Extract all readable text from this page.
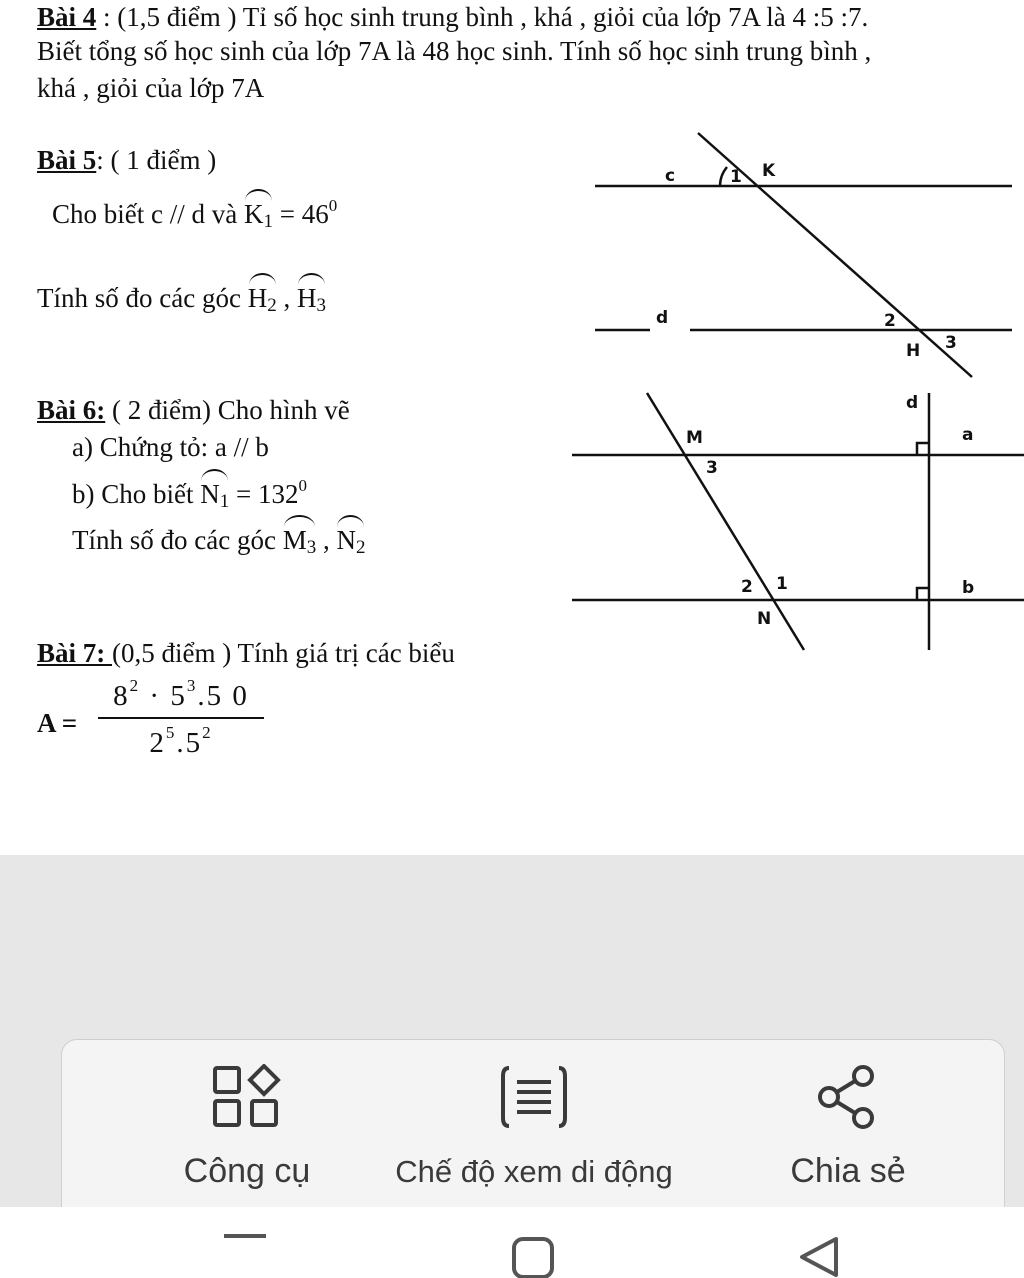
Bài 4 : (1,5 điểm ) Tỉ số học sinh trung bình , khá , giỏi của lớp 7A là 4 :5 :7.
Biết tổng số học sinh của lớp 7A là 48 học sinh. Tính số học sinh trung bình ,
khá , giỏi của lớp 7A
Bài 5: ( 1 điểm )
Cho biết c // d và $K_1 = 46^0$
Tính số đo các góc $H_2$ , $H_3$
Bài 6: ( 2 điểm) Cho hình vẽ
a) Chứng tỏ: a // b
b) Cho biết $N_1 = 132^0$
Tính số đo các góc $M_3$ , $N_2$
Bài 7: (0,5 điểm ) Tính giá trị các biểu
$A = \frac{8^2 \cdot 5^3.5 0}{2^5.5^2}$
c	K
1
d	2
3
H
d
a
b
M
3
2 1
N
Công cụ	Chế độ xem di động	Chia sẻ
